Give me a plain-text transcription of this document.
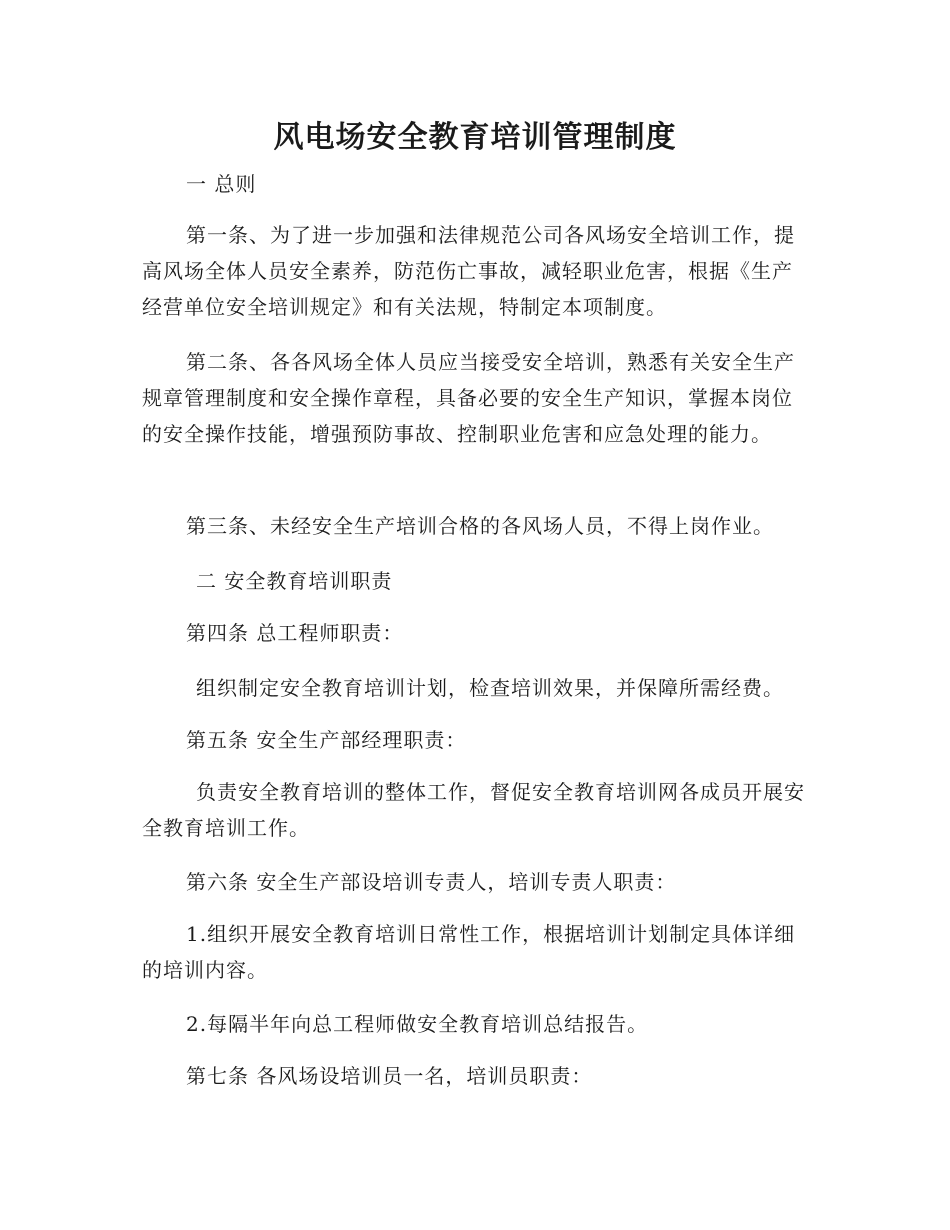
风电场安全教育培训管理制度
一 总则
第一条、为了进一步加强和法律规范公司各风场安全培训工作，提高风场全体人员安全素养，防范伤亡事故，减轻职业危害，根据《生产经营单位安全培训规定》和有关法规，特制定本项制度。
第二条、各各风场全体人员应当接受安全培训，熟悉有关安全生产规章管理制度和安全操作章程，具备必要的安全生产知识，掌握本岗位的安全操作技能，增强预防事故、控制职业危害和应急处理的能力。
第三条、未经安全生产培训合格的各风场人员，不得上岗作业。
二 安全教育培训职责
第四条 总工程师职责：
组织制定安全教育培训计划，检查培训效果，并保障所需经费。
第五条 安全生产部经理职责：
负责安全教育培训的整体工作，督促安全教育培训网各成员开展安全教育培训工作。
第六条 安全生产部设培训专责人，培训专责人职责：
1.组织开展安全教育培训日常性工作，根据培训计划制定具体详细的培训内容。
2.每隔半年向总工程师做安全教育培训总结报告。
第七条 各风场设培训员一名，培训员职责：
